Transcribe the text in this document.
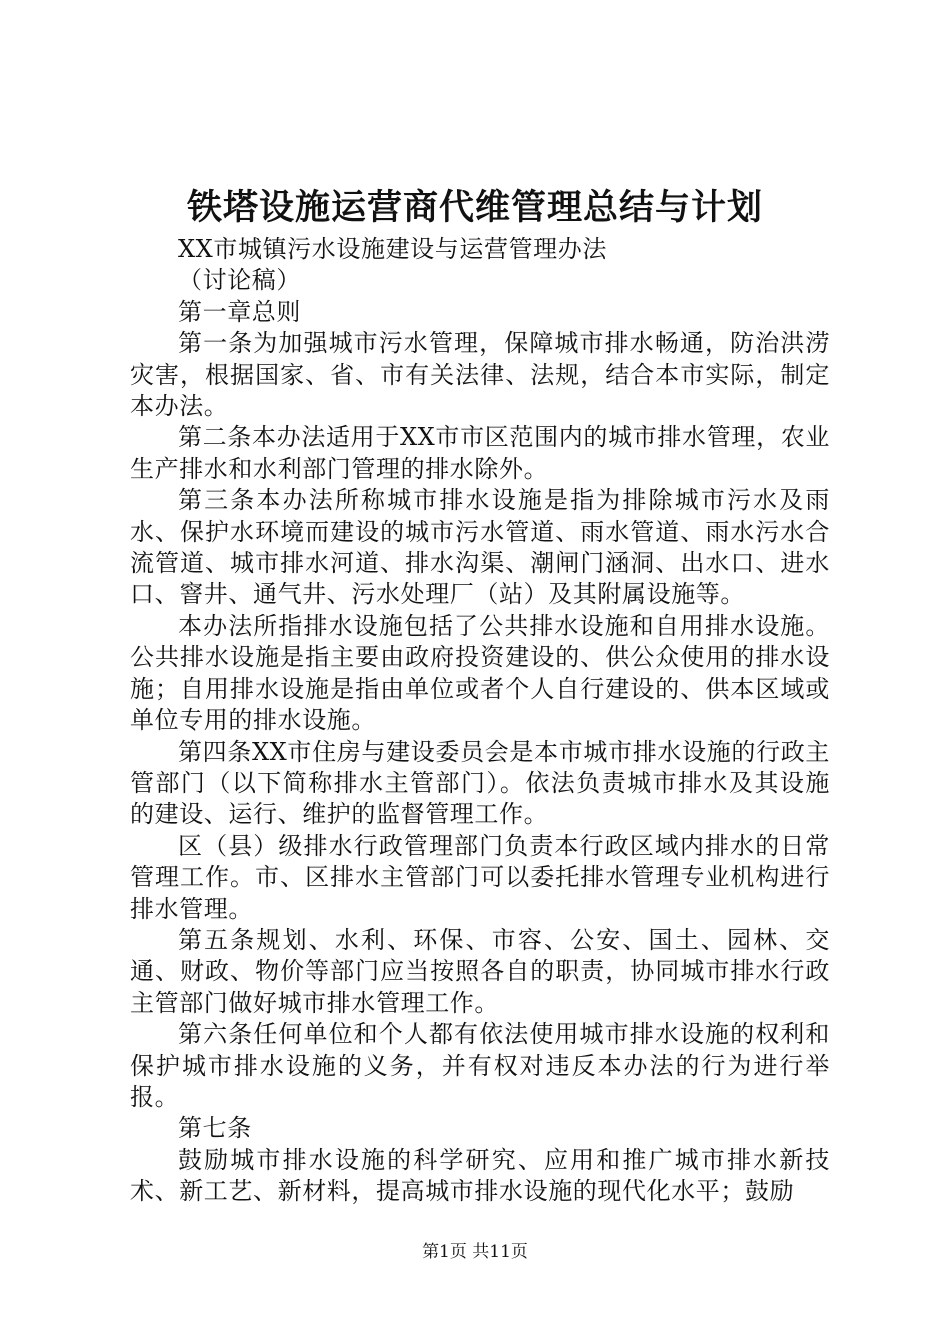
铁塔设施运营商代维管理总结与计划

XX市城镇污水设施建设与运营管理办法

（讨论稿）

第一章总则

第一条为加强城市污水管理，保障城市排水畅通，防治洪涝灾害，根据国家、省、市有关法律、法规，结合本市实际，制定本办法。

第二条本办法适用于XX市市区范围内的城市排水管理，农业生产排水和水利部门管理的排水除外。

第三条本办法所称城市排水设施是指为排除城市污水及雨水、保护水环境而建设的城市污水管道、雨水管道、雨水污水合流管道、城市排水河道、排水沟渠、潮闸门涵洞、出水口、进水口、窨井、通气井、污水处理厂（站）及其附属设施等。

本办法所指排水设施包括了公共排水设施和自用排水设施。公共排水设施是指主要由政府投资建设的、供公众使用的排水设施；自用排水设施是指由单位或者个人自行建设的、供本区域或单位专用的排水设施。

第四条XX市住房与建设委员会是本市城市排水设施的行政主管部门（以下简称排水主管部门）。依法负责城市排水及其设施的建设、运行、维护的监督管理工作。

区（县）级排水行政管理部门负责本行政区域内排水的日常管理工作。市、区排水主管部门可以委托排水管理专业机构进行排水管理。

第五条规划、水利、环保、市容、公安、国土、园林、交通、财政、物价等部门应当按照各自的职责，协同城市排水行政主管部门做好城市排水管理工作。

第六条任何单位和个人都有依法使用城市排水设施的权利和保护城市排水设施的义务，并有权对违反本办法的行为进行举报。

第七条

鼓励城市排水设施的科学研究、应用和推广城市排水新技术、新工艺、新材料，提高城市排水设施的现代化水平；鼓励

第1页 共11页
